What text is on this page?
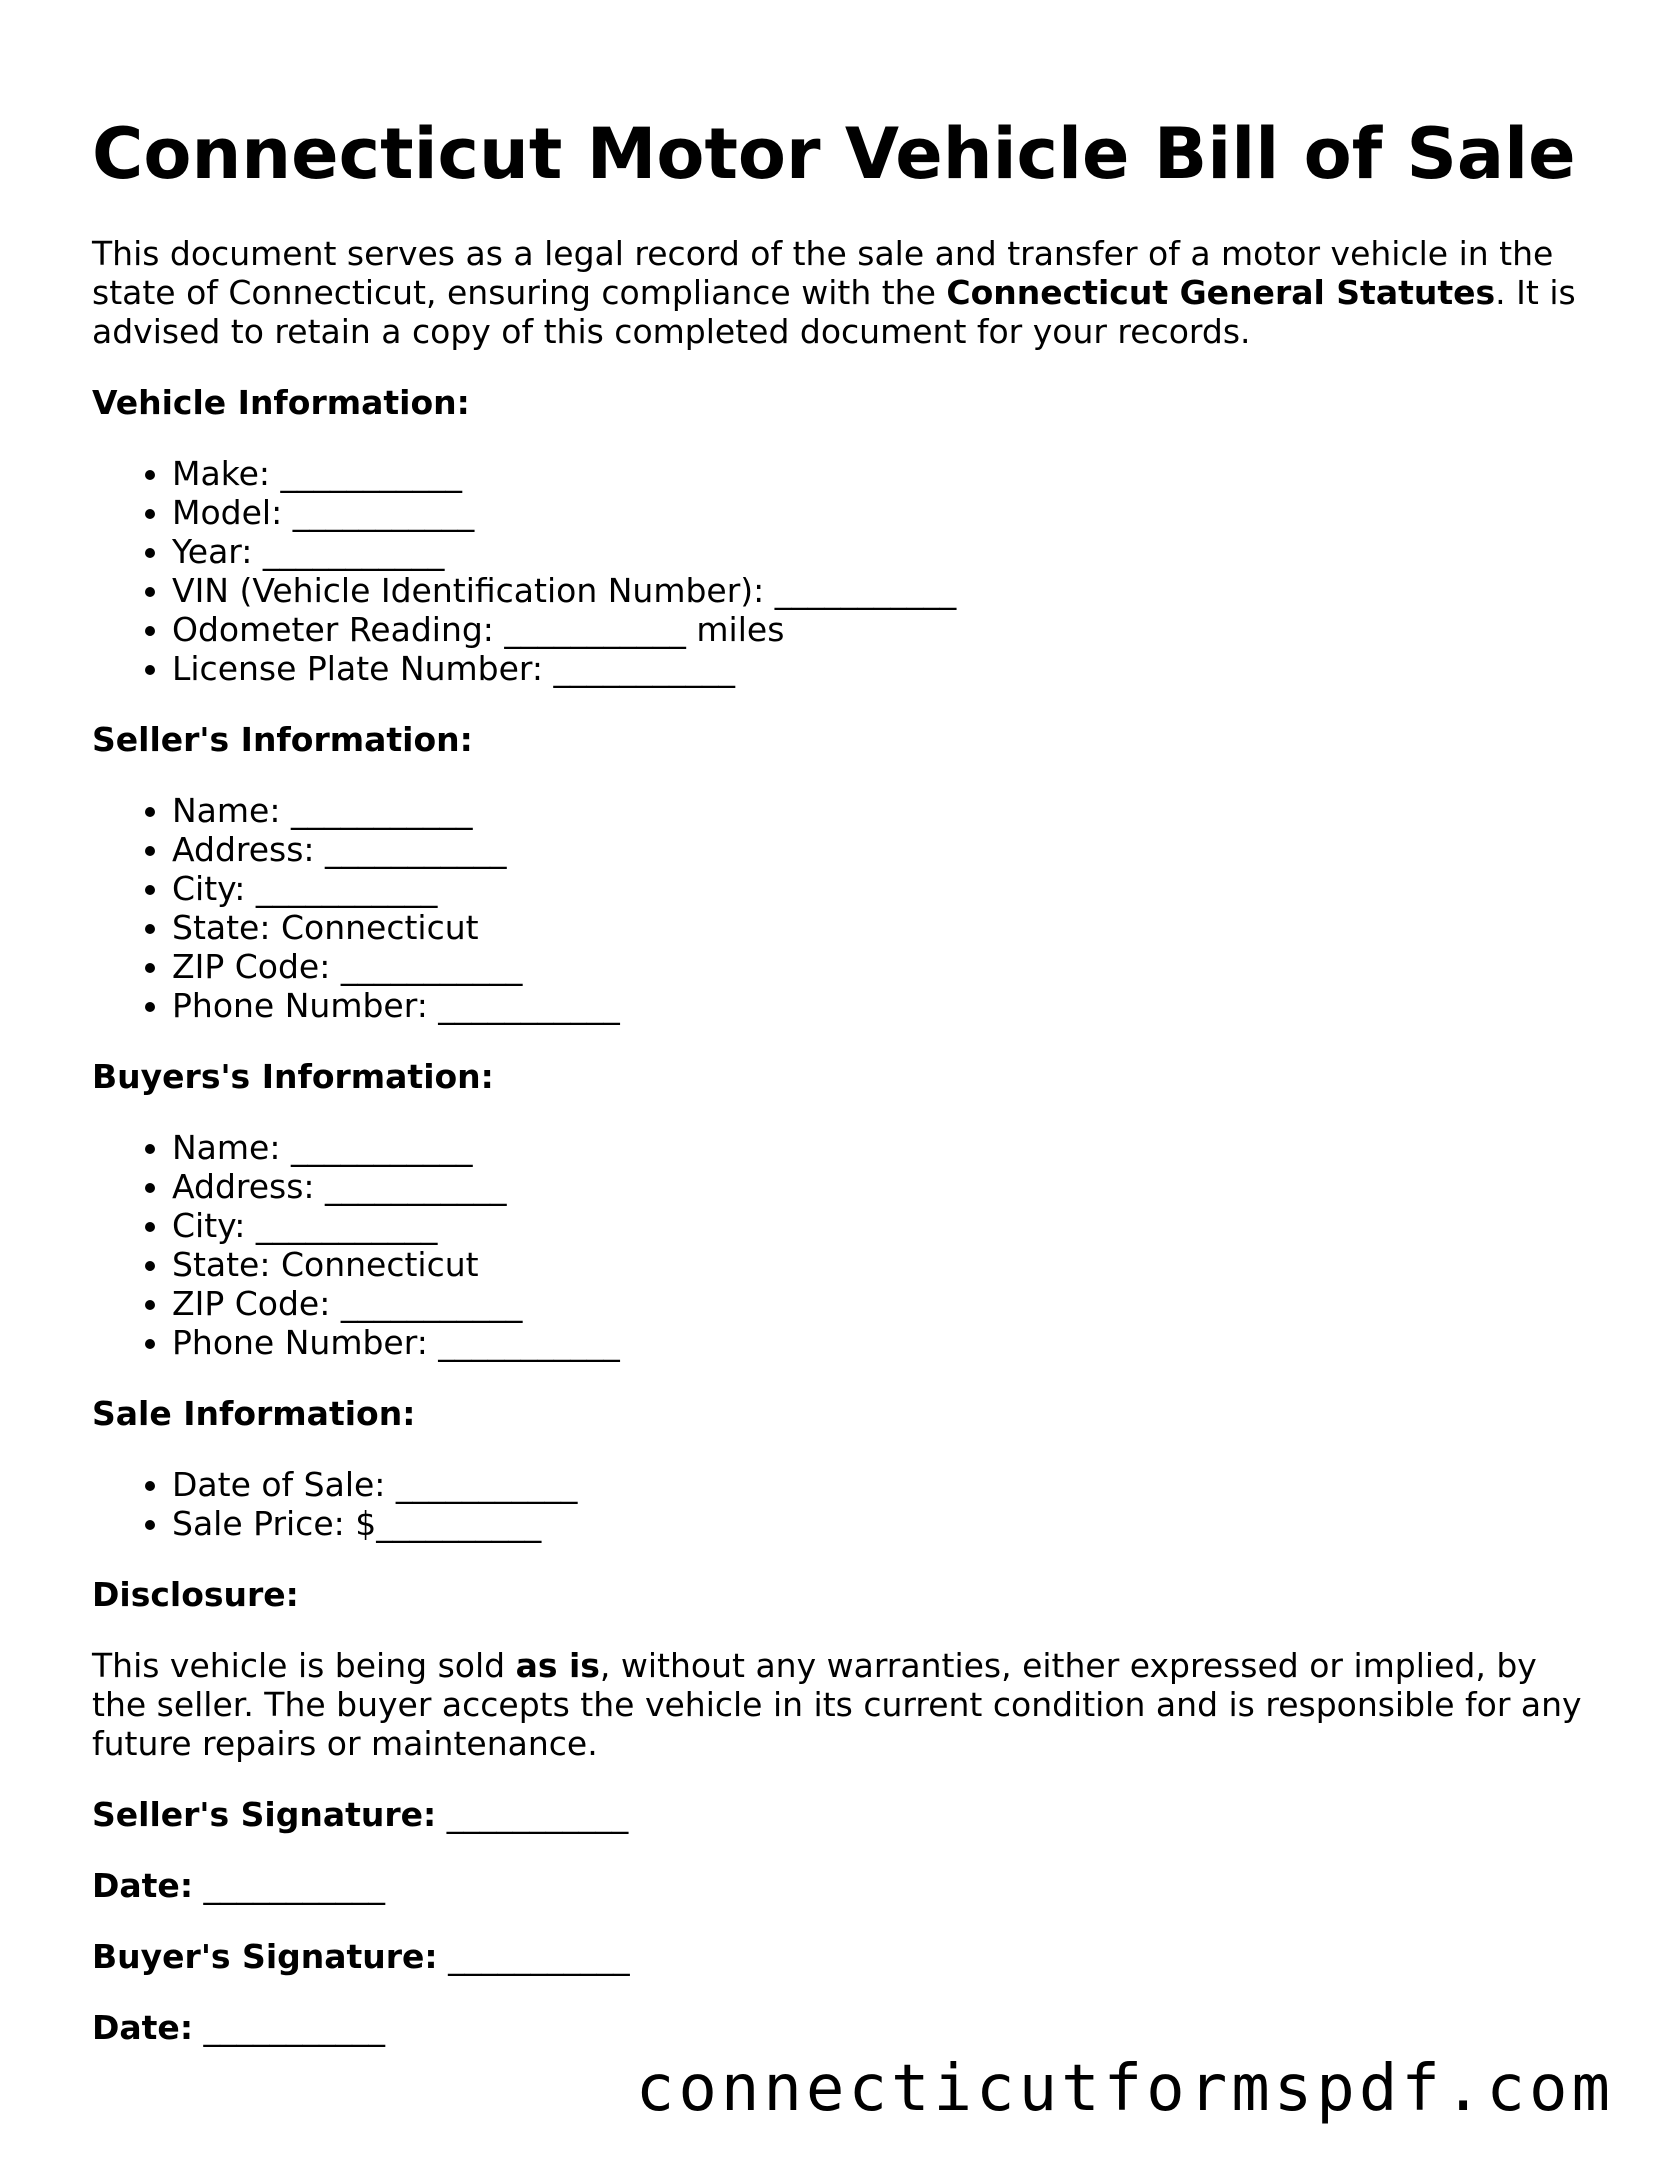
Connecticut Motor Vehicle Bill of Sale

This document serves as a legal record of the sale and transfer of a motor vehicle in the state of Connecticut, ensuring compliance with the Connecticut General Statutes. It is advised to retain a copy of this completed document for your records.

Vehicle Information:

• Make: ___________
• Model: ___________
• Year: ___________
• VIN (Vehicle Identification Number): ___________
• Odometer Reading: ___________ miles
• License Plate Number: ___________

Seller's Information:

• Name: ___________
• Address: ___________
• City: ___________
• State: Connecticut
• ZIP Code: ___________
• Phone Number: ___________

Buyers's Information:

• Name: ___________
• Address: ___________
• City: ___________
• State: Connecticut
• ZIP Code: ___________
• Phone Number: ___________

Sale Information:

• Date of Sale: ___________
• Sale Price: $__________

Disclosure:

This vehicle is being sold as is, without any warranties, either expressed or implied, by the seller. The buyer accepts the vehicle in its current condition and is responsible for any future repairs or maintenance.

Seller's Signature: ___________

Date: ___________

Buyer's Signature: ___________

Date: ___________

connecticutformspdf.com
